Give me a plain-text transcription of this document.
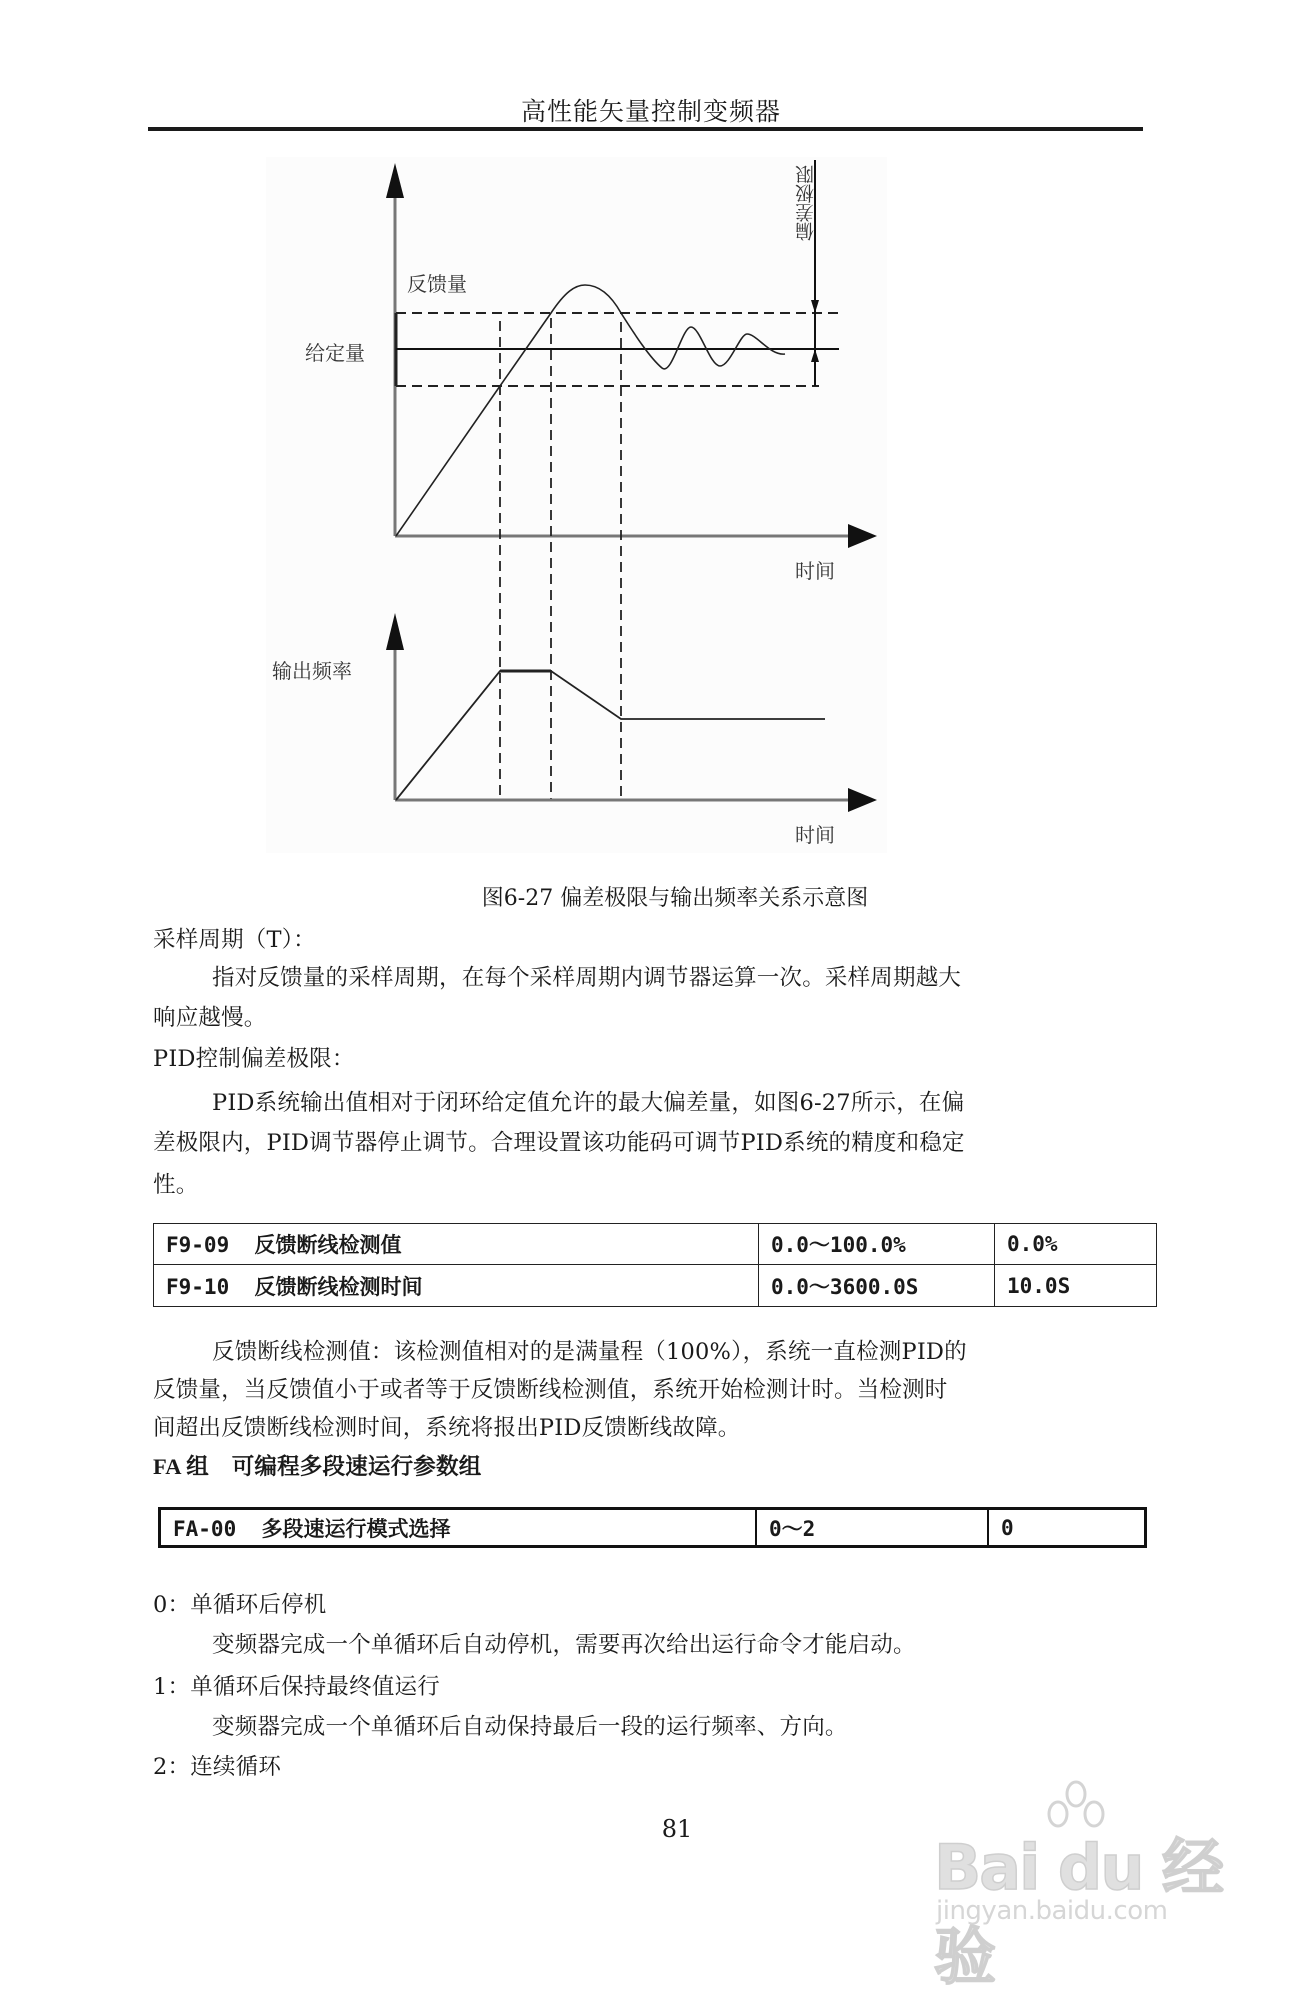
高性能矢量控制变频器
反馈量
给定量
时间
偏差极限
输出频率
时间
图6-27 偏差极限与输出频率关系示意图
采样周期（T）：
指对反馈量的采样周期，在每个采样周期内调节器运算一次。采样周期越大
响应越慢。
PID控制偏差极限：
PID系统输出值相对于闭环给定值允许的最大偏差量，如图6-27所示，在偏
差极限内，PID调节器停止调节。合理设置该功能码可调节PID系统的精度和稳定
性。
F9-09 反馈断线检测值	0.0～100.0%	0.0%
F9-10 反馈断线检测时间	0.0～3600.0S	10.0S
反馈断线检测值：该检测值相对的是满量程（100%），系统一直检测PID的
反馈量，当反馈值小于或者等于反馈断线检测值，系统开始检测计时。当检测时
间超出反馈断线检测时间，系统将报出PID反馈断线故障。
FA 组　可编程多段速运行参数组
FA-00 多段速运行模式选择	0～2	0
0：单循环后停机
变频器完成一个单循环后自动停机，需要再次给出运行命令才能启动。
1：单循环后保持最终值运行
变频器完成一个单循环后自动保持最后一段的运行频率、方向。
2：连续循环
81
Bai du 经验
jingyan.baidu.com
